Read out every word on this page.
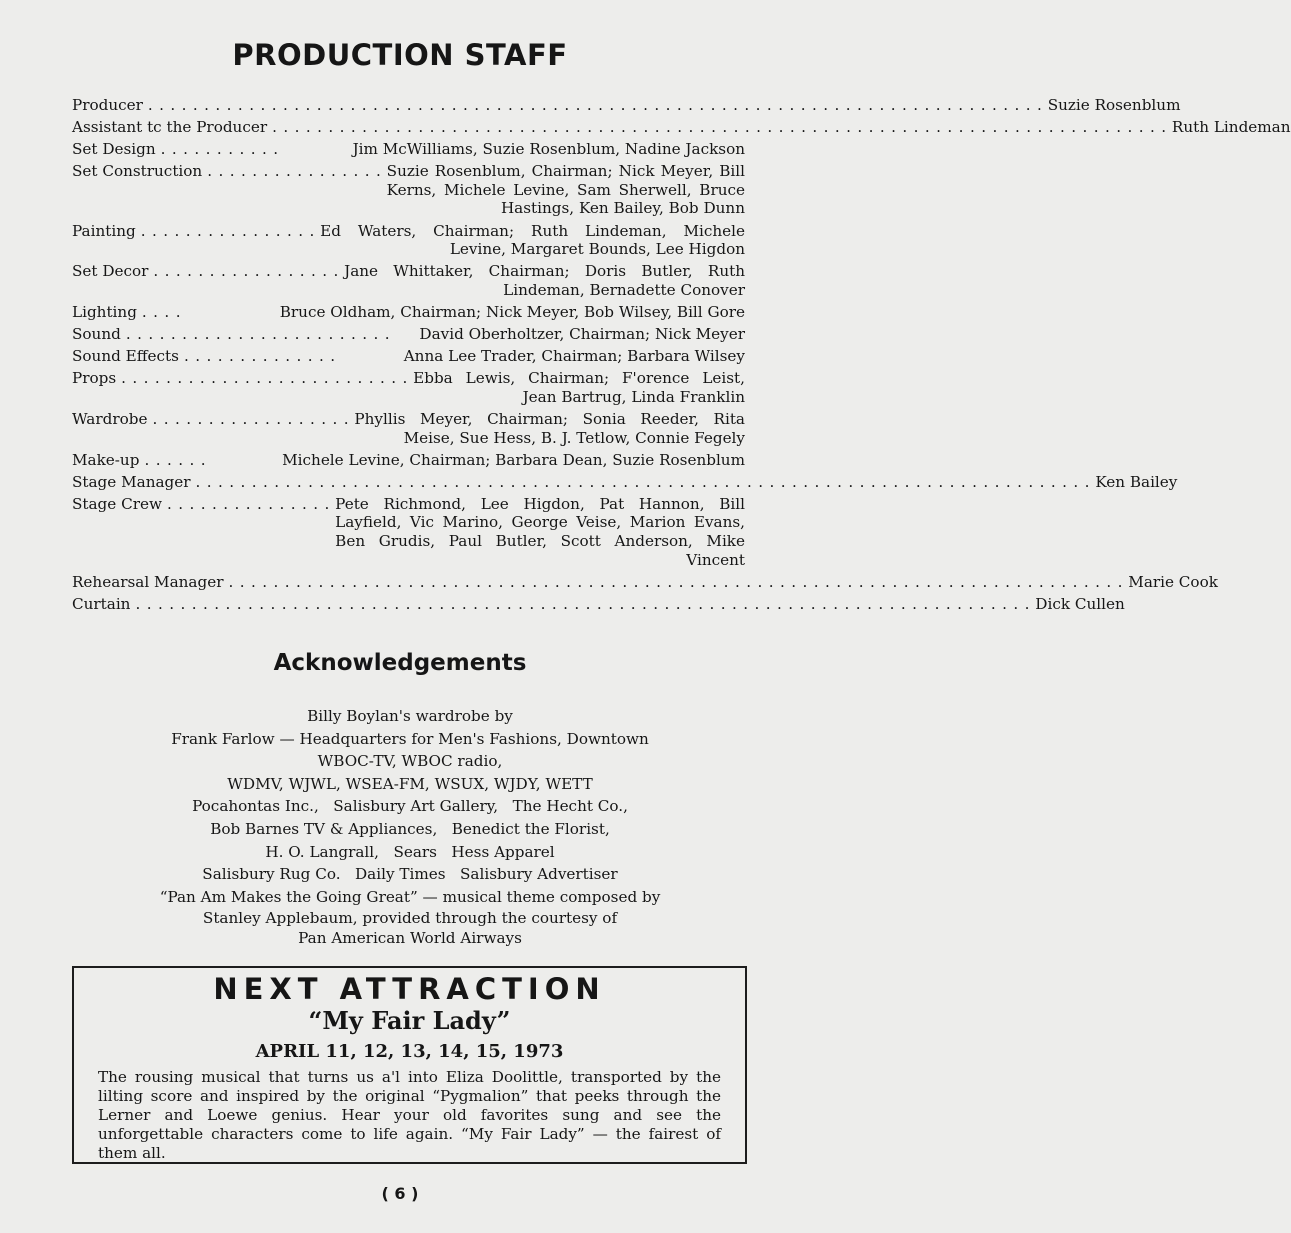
PRODUCTION STAFF
Producer . . . . . . . . . . . . . . . . . . . . . . . . . . . . . . . . . . . . . . . . . . . . . . . . . . . . . . . . . . . . . . . . . . . . . . . . . . . . . . . . Suzie Rosenblum
Assistant tc the Producer . . . . . . . . . . . . . . . . . . . . . . . . . . . . . . . . . . . . . . . . . . . . . . . . . . . . . . . . . . . . . . . . . . . . . . . . . . . . . . . . Ruth Lindeman
Set Design . . . . . . . . . . .	Jim McWilliams, Suzie Rosenblum, Nadine Jackson
Set Construction . . . . . . . . . . . . . . . . Suzie Rosenblum, Chairman; Nick Meyer, Bill Kerns, Michele Levine, Sam Sherwell, Bruce Hastings, Ken Bailey, Bob Dunn
Painting . . . . . . . . . . . . . . . . Ed Waters, Chairman; Ruth Lindeman, Michele Levine, Margaret Bounds, Lee Higdon
Set Decor . . . . . . . . . . . . . . . . . Jane Whittaker, Chairman; Doris Butler, Ruth Lindeman, Bernadette Conover
Lighting . . . .	Bruce Oldham, Chairman; Nick Meyer, Bob Wilsey, Bill Gore
Sound . . . . . . . . . . . . . . . . . . . . . . . .	David Oberholtzer, Chairman; Nick Meyer
Sound Effects . . . . . . . . . . . . . .	Anna Lee Trader, Chairman; Barbara Wilsey
Props . . . . . . . . . . . . . . . . . . . . . . . . . . Ebba Lewis, Chairman; F'orence Leist, Jean Bartrug, Linda Franklin
Wardrobe . . . . . . . . . . . . . . . . . . Phyllis Meyer, Chairman; Sonia Reeder, Rita Meise, Sue Hess, B. J. Tetlow, Connie Fegely
Make-up . . . . . .	Michele Levine, Chairman; Barbara Dean, Suzie Rosenblum
Stage Manager . . . . . . . . . . . . . . . . . . . . . . . . . . . . . . . . . . . . . . . . . . . . . . . . . . . . . . . . . . . . . . . . . . . . . . . . . . . . . . . . Ken Bailey
Stage Crew . . . . . . . . . . . . . . . Pete Richmond, Lee Higdon, Pat Hannon, Bill Layfield, Vic Marino, George Veise, Marion Evans, Ben Grudis, Paul Butler, Scott Anderson, Mike Vincent
Rehearsal Manager . . . . . . . . . . . . . . . . . . . . . . . . . . . . . . . . . . . . . . . . . . . . . . . . . . . . . . . . . . . . . . . . . . . . . . . . . . . . . . . . Marie Cook
Curtain . . . . . . . . . . . . . . . . . . . . . . . . . . . . . . . . . . . . . . . . . . . . . . . . . . . . . . . . . . . . . . . . . . . . . . . . . . . . . . . . Dick Cullen
Acknowledgements
Billy Boylan's wardrobe by
Frank Farlow — Headquarters for Men's Fashions, Downtown
WBOC-TV, WBOC radio,
WDMV, WJWL, WSEA-FM, WSUX, WJDY, WETT
Pocahontas Inc.,   Salisbury Art Gallery,   The Hecht Co.,
Bob Barnes TV & Appliances,   Benedict the Florist,
H. O. Langrall,   Sears   Hess Apparel
Salisbury Rug Co.   Daily Times   Salisbury Advertiser
“Pan Am Makes the Going Great” — musical theme composed by
Stanley Applebaum, provided through the courtesy of
Pan American World Airways
NEXT ATTRACTION
“My Fair Lady”
APRIL 11, 12, 13, 14, 15, 1973
The rousing musical that turns us a'l into Eliza Doolittle, transported by the lilting score and inspired by the original “Pygmalion” that peeks through the Lerner and Loewe genius. Hear your old favorites sung and see the unforgettable characters come to life again. “My Fair Lady” — the fairest of them all.
( 6 )
